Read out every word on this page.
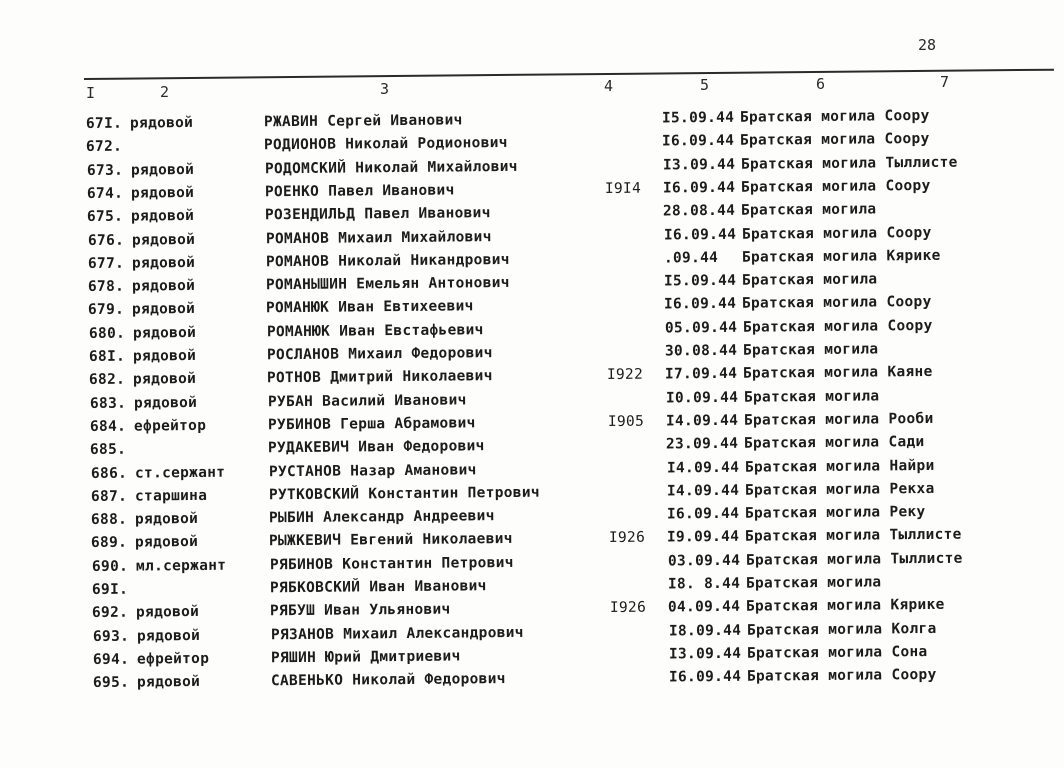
28
I	2	3	4	5	6	7
67I. рядовой	РЖАВИН Сергей Иванович	I5.09.44 Братская могила Соору
672.	РОДИОНОВ Николай Родионович	I6.09.44 Братская могила Соору
673. рядовой	РОДОМСКИЙ Николай Михайлович	I3.09.44 Братская могила Тыллисте
674. рядовой	РОЕНКО Павел Иванович	I9I4 I6.09.44 Братская могила Соору
675. рядовой	РОЗЕНДИЛЬД Павел Иванович	28.08.44 Братская могила
676. рядовой	РОМАНОВ Михаил Михайлович	I6.09.44 Братская могила Соору
677. рядовой	РОМАНОВ Николай Никандрович	.09.44 Братская могила Кярике
678. рядовой	РОМАНЫШИН Емельян Антонович	I5.09.44 Братская могила
679. рядовой	РОМАНЮК Иван Евтихеевич	I6.09.44 Братская могила Соору
680. рядовой	РОМАНЮК Иван Евстафьевич	05.09.44 Братская могила Соору
68I. рядовой	РОСЛАНОВ Михаил Федорович	30.08.44 Братская могила
682. рядовой	РОТНОВ Дмитрий Николаевич	I922 I7.09.44 Братская могила Каяне
683. рядовой	РУБАН Василий Иванович	I0.09.44 Братская могила
684. ефрейтор	РУБИНОВ Гершa Абрамович	I905 I4.09.44 Братская могила Рооби
685.	РУДАКЕВИЧ Иван Федорович	23.09.44 Братская могила Сади
686. ст.сержант	РУСТАНОВ Назар Аманович	I4.09.44 Братская могила Найри
687. старшина	РУТКОВСКИЙ Константин Петрович	I4.09.44 Братская могила Рекха
688. рядовой	РЫБИН Александр Андреевич	I6.09.44 Братская могила Реку
689. рядовой	РЫЖКЕВИЧ Евгений Николаевич	I926 I9.09.44 Братская могила Тыллисте
690. мл.сержант	РЯБИНОВ Константин Петрович	03.09.44 Братская могила Тыллисте
69I.	РЯБКОВСКИЙ Иван Иванович	I8. 8.44 Братская могила
692. рядовой	РЯБУШ Иван Ульянович	I926 04.09.44 Братская могила Кярике
693. рядовой	РЯЗАНОВ Михаил Александрович	I8.09.44 Братская могила Колга
694. ефрейтор	РЯШИН Юрий Дмитриевич	I3.09.44 Братская могила Сона
695. рядовой	САВЕНЬКО Николай Федорович	I6.09.44 Братская могила Соору
